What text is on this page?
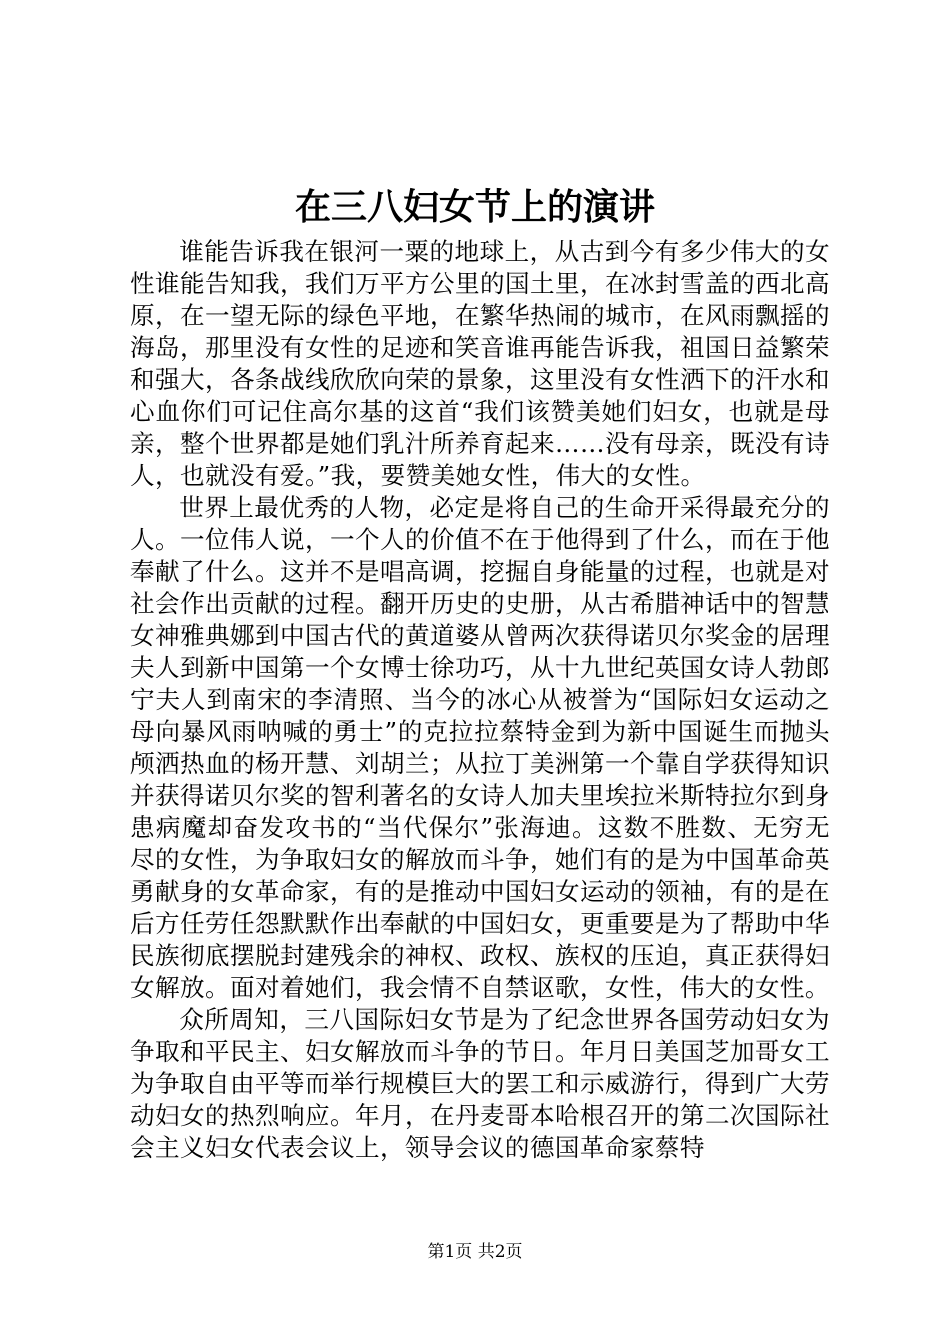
在三八妇女节上的演讲

谁能告诉我在银河一粟的地球上，从古到今有多少伟大的女性谁能告知我，我们万平方公里的国土里，在冰封雪盖的西北高原，在一望无际的绿色平地，在繁华热闹的城市，在风雨飘摇的海岛，那里没有女性的足迹和笑音谁再能告诉我，祖国日益繁荣和强大，各条战线欣欣向荣的景象，这里没有女性洒下的汗水和心血你们可记住高尔基的这首“我们该赞美她们妇女，也就是母亲，整个世界都是她们乳汁所养育起来……没有母亲，既没有诗人，也就没有爱。”我，要赞美她女性，伟大的女性。

世界上最优秀的人物，必定是将自己的生命开采得最充分的人。一位伟人说，一个人的价值不在于他得到了什么，而在于他奉献了什么。这并不是唱高调，挖掘自身能量的过程，也就是对社会作出贡献的过程。翻开历史的史册，从古希腊神话中的智慧女神雅典娜到中国古代的黄道婆从曾两次获得诺贝尔奖金的居理夫人到新中国第一个女博士徐功巧，从十九世纪英国女诗人勃郎宁夫人到南宋的李清照、当今的冰心从被誉为“国际妇女运动之母向暴风雨呐喊的勇士”的克拉拉蔡特金到为新中国诞生而抛头颅洒热血的杨开慧、刘胡兰；从拉丁美洲第一个靠自学获得知识并获得诺贝尔奖的智利著名的女诗人加夫里埃拉米斯特拉尔到身患病魔却奋发攻书的“当代保尔”张海迪。这数不胜数、无穷无尽的女性，为争取妇女的解放而斗争，她们有的是为中国革命英勇献身的女革命家，有的是推动中国妇女运动的领袖，有的是在后方任劳任怨默默作出奉献的中国妇女，更重要是为了帮助中华民族彻底摆脱封建残余的神权、政权、族权的压迫，真正获得妇女解放。面对着她们，我会情不自禁讴歌，女性，伟大的女性。

众所周知，三八国际妇女节是为了纪念世界各国劳动妇女为争取和平民主、妇女解放而斗争的节日。年月日美国芝加哥女工为争取自由平等而举行规模巨大的罢工和示威游行，得到广大劳动妇女的热烈响应。年月，在丹麦哥本哈根召开的第二次国际社会主义妇女代表会议上，领导会议的德国革命家蔡特

第1页 共2页
